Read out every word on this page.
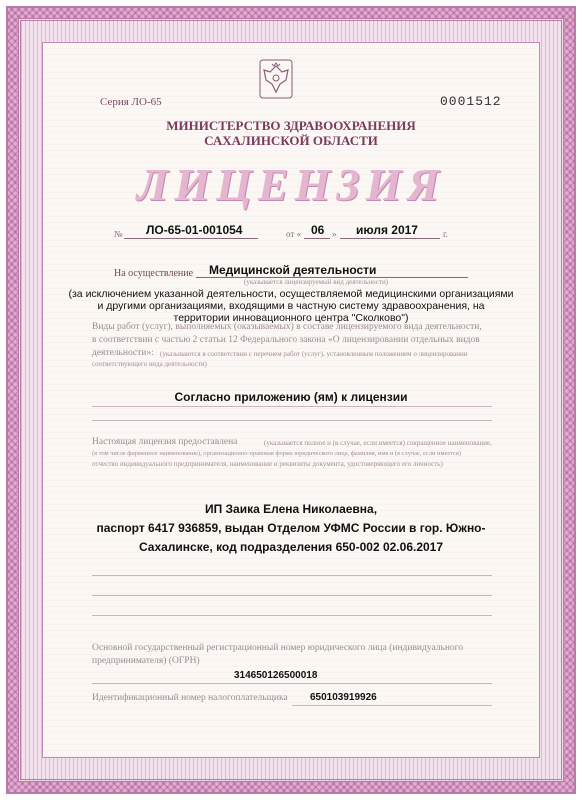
Серия ЛО-65	0001512
МИНИСТЕРСТВО ЗДРАВООХРАНЕНИЯ
САХАЛИНСКОЙ ОБЛАСТИ
ЛИЦЕНЗИЯ
№ ЛО-65-01-001054	от « 06 » июля 2017	г.
На осуществление Медицинской деятельности
(указывается лицензируемый вид деятельности)
(за исключением указанной деятельности, осуществляемой медицинскими организациями
и другими организациями, входящими в частную систему здравоохранения, на
территории инновационного центра "Сколково")
Виды работ (услуг), выполняемых (оказываемых) в составе лицензируемого вида деятельности,
в соответствии с частью 2 статьи 12 Федерального закона «О лицензировании отдельных видов
деятельности»: (указываются в соответствии с перечнем работ (услуг), установленным положением о лицензировании
соответствующего вида деятельности)
Согласно приложению (ям) к лицензии
Настоящая лицензия предоставлена	(указывается полное и (в случае, если имеется) сокращенное наименование,
(в том числе фирменное наименование), организационно-правовая форма юридического лица, фамилия, имя и (в случае, если имеется)
отчество индивидуального предпринимателя, наименование и реквизиты документа, удостоверяющего его личность)
ИП Заика Елена Николаевна,
паспорт 6417 936859, выдан Отделом УФМС России в гор. Южно-
Сахалинске, код подразделения 650-002 02.06.2017
Основной государственный регистрационный номер юридического лица (индивидуального
предпринимателя) (ОГРН)
314650126500018
Идентификационный номер налогоплательщика 650103919926
